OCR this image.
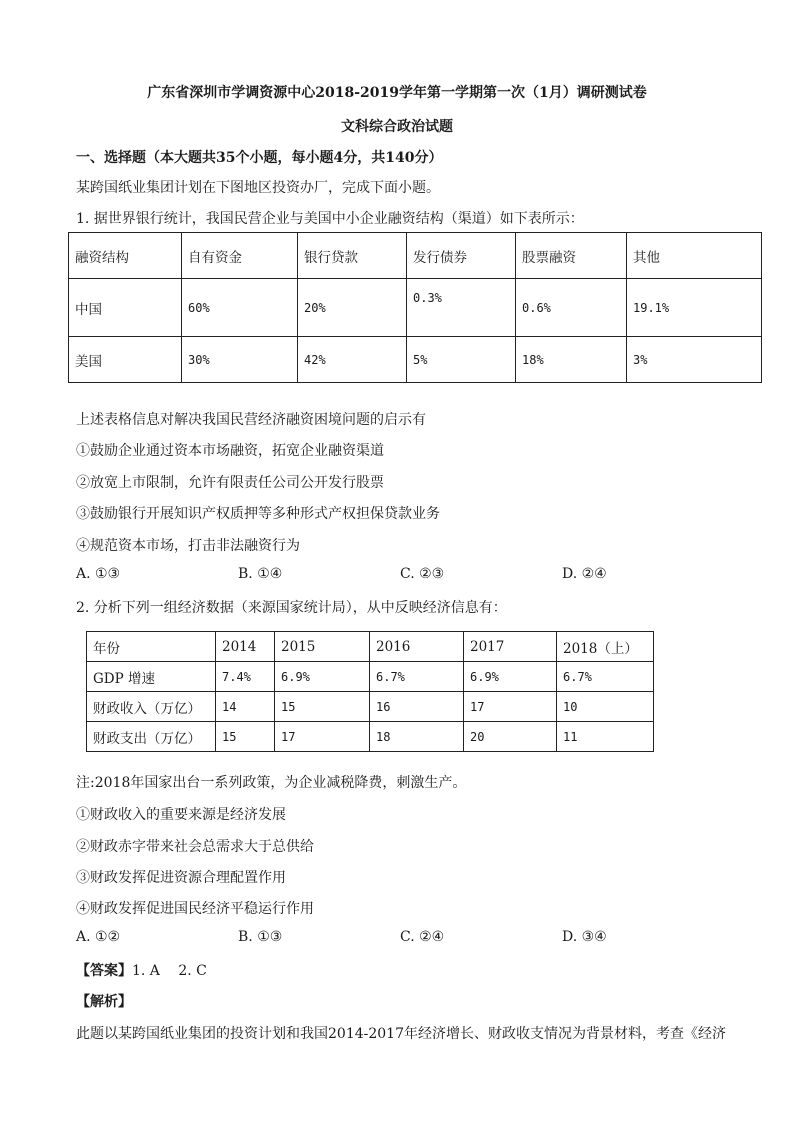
广东省深圳市学调资源中心2018-2019学年第一学期第一次（1月）调研测试卷
文科综合政治试题
一、选择题（本大题共35个小题，每小题4分，共140分）
某跨国纸业集团计划在下图地区投资办厂，完成下面小题。
1. 据世界银行统计，我国民营企业与美国中小企业融资结构（渠道）如下表所示：
融资结构	自有资金	银行贷款	发行债券	股票融资	其他
中国	60%	20%	0.3%	0.6%	19.1%
美国	30%	42%	5%	18%	3%
上述表格信息对解决我国民营经济融资困境问题的启示有
①鼓励企业通过资本市场融资，拓宽企业融资渠道
②放宽上市限制，允许有限责任公司公开发行股票
③鼓励银行开展知识产权质押等多种形式产权担保贷款业务
④规范资本市场，打击非法融资行为
A. ①③	B. ①④	C. ②③	D. ②④
2. 分析下列一组经济数据（来源国家统计局），从中反映经济信息有：
年份	2014	2015	2016	2017	2018（上）
GDP 增速	7.4%	6.9%	6.7%	6.9%	6.7%
财政收入（万亿）	14	15	16	17	10
财政支出（万亿）	15	17	18	20	11
注:2018年国家出台一系列政策，为企业减税降费，刺激生产。
①财政收入的重要来源是经济发展
②财政赤字带来社会总需求大于总供给
③财政发挥促进资源合理配置作用
④财政发挥促进国民经济平稳运行作用
A. ①②	B. ①③	C. ②④	D. ③④
【答案】1. A　 2. C
【解析】
此题以某跨国纸业集团的投资计划和我国2014-2017年经济增长、财政收支情况为背景材料，考查《经济
